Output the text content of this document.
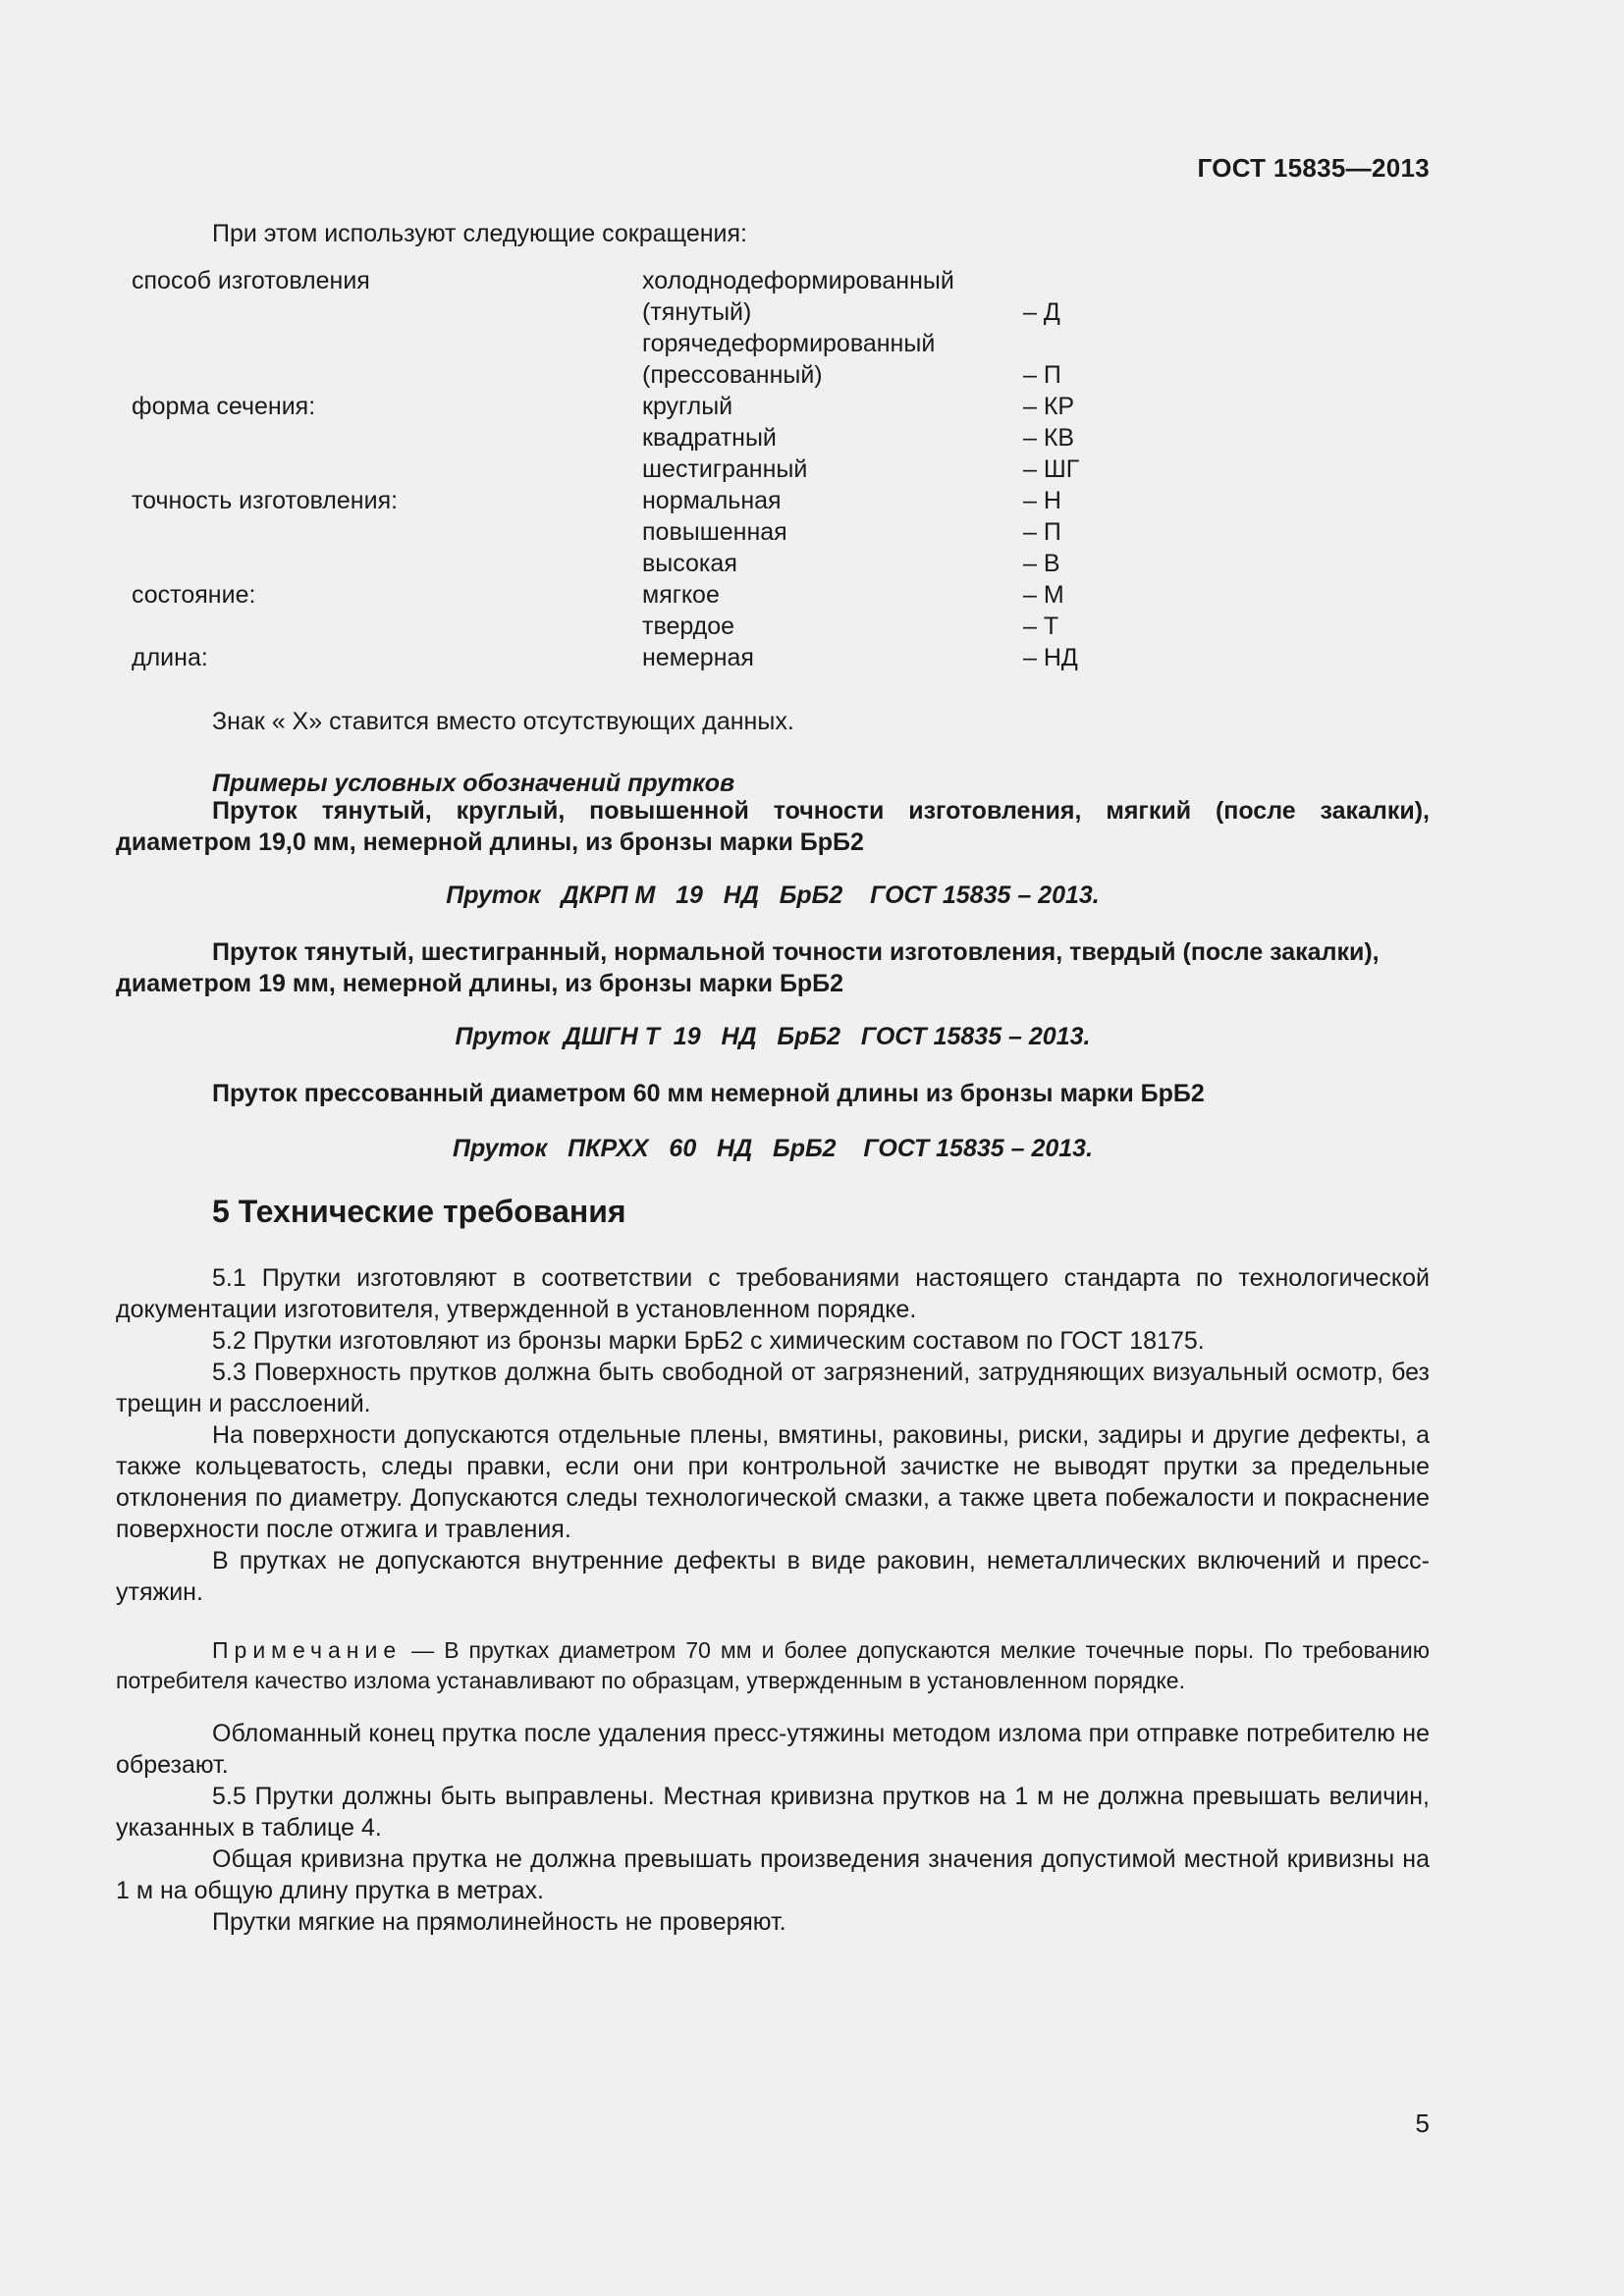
ГОСТ 15835—2013

При этом используют следующие сокращения:

способ изготовления	холоднодеформированный
(тянутый)	– Д
горячедеформированный
(прессованный)	– П
форма сечения:	круглый	– КР
квадратный	– КВ
шестигранный	– ШГ
точность изготовления:	нормальная	– Н
повышенная	– П
высокая	– В
состояние:	мягкое	– М
твердое	– Т
длина:	немерная	– НД

Знак « Х» ставится вместо отсутствующих данных.

Примеры условных обозначений прутков

Пруток тянутый, круглый, повышенной точности изготовления, мягкий (после закалки), диаметром 19,0 мм, немерной длины, из бронзы марки БрБ2

Пруток   ДКРП М   19   НД   БрБ2    ГОСТ 15835 – 2013.

Пруток тянутый, шестигранный, нормальной точности изготовления, твердый (после закалки), диаметром 19 мм, немерной длины, из бронзы марки БрБ2

Пруток  ДШГН Т  19   НД   БрБ2   ГОСТ 15835 – 2013.

Пруток прессованный диаметром 60 мм немерной длины из бронзы марки БрБ2

Пруток   ПКРХХ   60   НД   БрБ2    ГОСТ 15835 – 2013.

5 Технические требования

5.1 Прутки изготовляют в соответствии с требованиями настоящего стандарта по технологической документации изготовителя, утвержденной в установленном порядке.

5.2 Прутки изготовляют из бронзы марки БрБ2 с химическим составом по ГОСТ 18175.

5.3 Поверхность прутков должна быть свободной от загрязнений, затрудняющих визуальный осмотр, без трещин и расслоений.

На поверхности допускаются отдельные плены, вмятины, раковины, риски, задиры и другие дефекты, а также кольцеватость, следы правки, если они при контрольной зачистке не выводят прутки за предельные отклонения по диаметру. Допускаются следы технологической смазки, а также цвета побежалости и покраснение поверхности после отжига и травления.

В прутках не допускаются внутренние дефекты в виде раковин, неметаллических включений и пресс-утяжин.

Примечание — В прутках диаметром 70 мм и более допускаются мелкие точечные поры. По требованию потребителя качество излома устанавливают по образцам, утвержденным в установленном порядке.

Обломанный конец прутка после удаления пресс-утяжины методом излома при отправке потребителю не обрезают.

5.5 Прутки должны быть выправлены. Местная кривизна прутков на 1 м не должна превышать величин, указанных в таблице 4.

Общая кривизна прутка не должна превышать произведения значения допустимой местной кривизны на 1 м на общую длину прутка в метрах.

Прутки мягкие на прямолинейность не проверяют.

5
